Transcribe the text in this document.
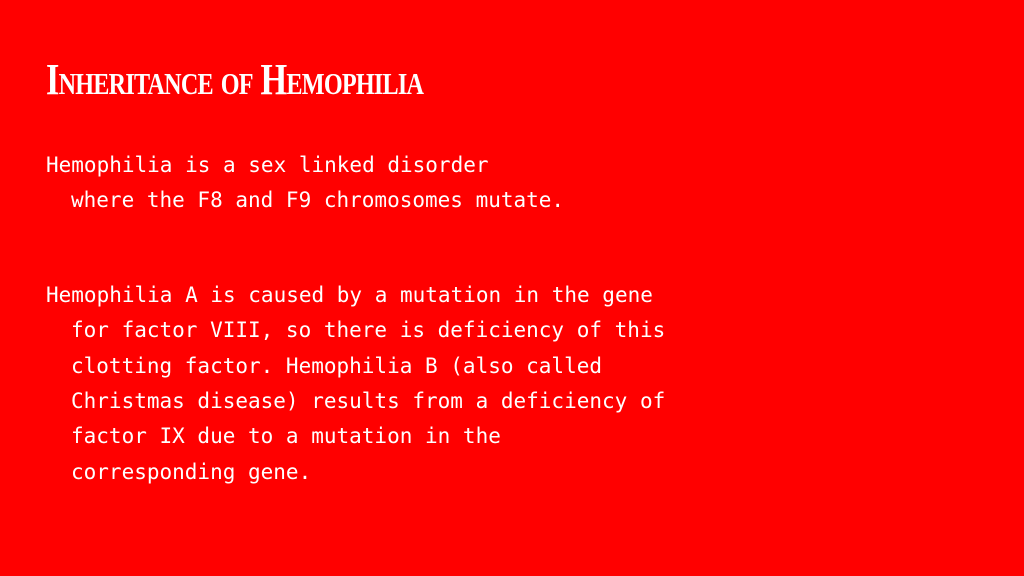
Inheritance of Hemophilia

Hemophilia is a sex linked disorder
where the F8 and F9 chromosomes mutate.

Hemophilia A is caused by a mutation in the gene
for factor VIII, so there is deficiency of this
clotting factor. Hemophilia B (also called
Christmas disease) results from a deficiency of
factor IX due to a mutation in the
corresponding gene.
